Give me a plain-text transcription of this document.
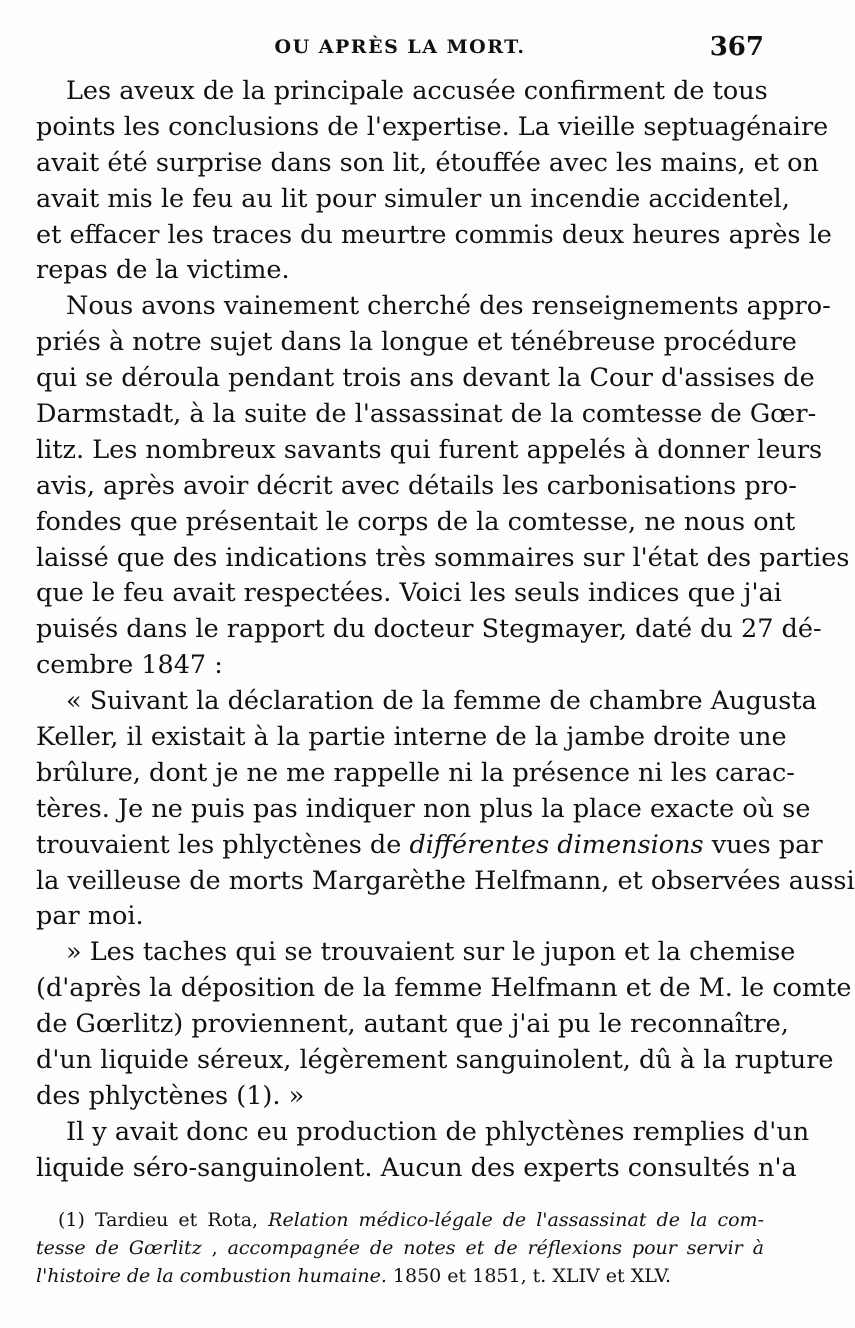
OU APRÈS LA MORT.	367
Les aveux de la principale accusée confirment de tous
points les conclusions de l'expertise. La vieille septuagénaire
avait été surprise dans son lit, étouffée avec les mains, et on
avait mis le feu au lit pour simuler un incendie accidentel,
et effacer les traces du meurtre commis deux heures après le
repas de la victime.
Nous avons vainement cherché des renseignements appro-
priés à notre sujet dans la longue et ténébreuse procédure
qui se déroula pendant trois ans devant la Cour d'assises de
Darmstadt, à la suite de l'assassinat de la comtesse de Gœr-
litz. Les nombreux savants qui furent appelés à donner leurs
avis, après avoir décrit avec détails les carbonisations pro-
fondes que présentait le corps de la comtesse, ne nous ont
laissé que des indications très sommaires sur l'état des parties
que le feu avait respectées. Voici les seuls indices que j'ai
puisés dans le rapport du docteur Stegmayer, daté du 27 dé-
cembre 1847 :
« Suivant la déclaration de la femme de chambre Augusta
Keller, il existait à la partie interne de la jambe droite une
brûlure, dont je ne me rappelle ni la présence ni les carac-
tères. Je ne puis pas indiquer non plus la place exacte où se
trouvaient les phlyctènes de différentes dimensions vues par
la veilleuse de morts Margarèthe Helfmann, et observées aussi
par moi.
» Les taches qui se trouvaient sur le jupon et la chemise
(d'après la déposition de la femme Helfmann et de M. le comte
de Gœrlitz) proviennent, autant que j'ai pu le reconnaître,
d'un liquide séreux, légèrement sanguinolent, dû à la rupture
des phlyctènes (1). »
Il y avait donc eu production de phlyctènes remplies d'un
liquide séro-sanguinolent. Aucun des experts consultés n'a
(1) Tardieu et Rota, Relation médico-légale de l'assassinat de la com-
tesse de Gœrlitz , accompagnée de notes et de réflexions pour servir à
l'histoire de la combustion humaine. 1850 et 1851, t. XLIV et XLV.
